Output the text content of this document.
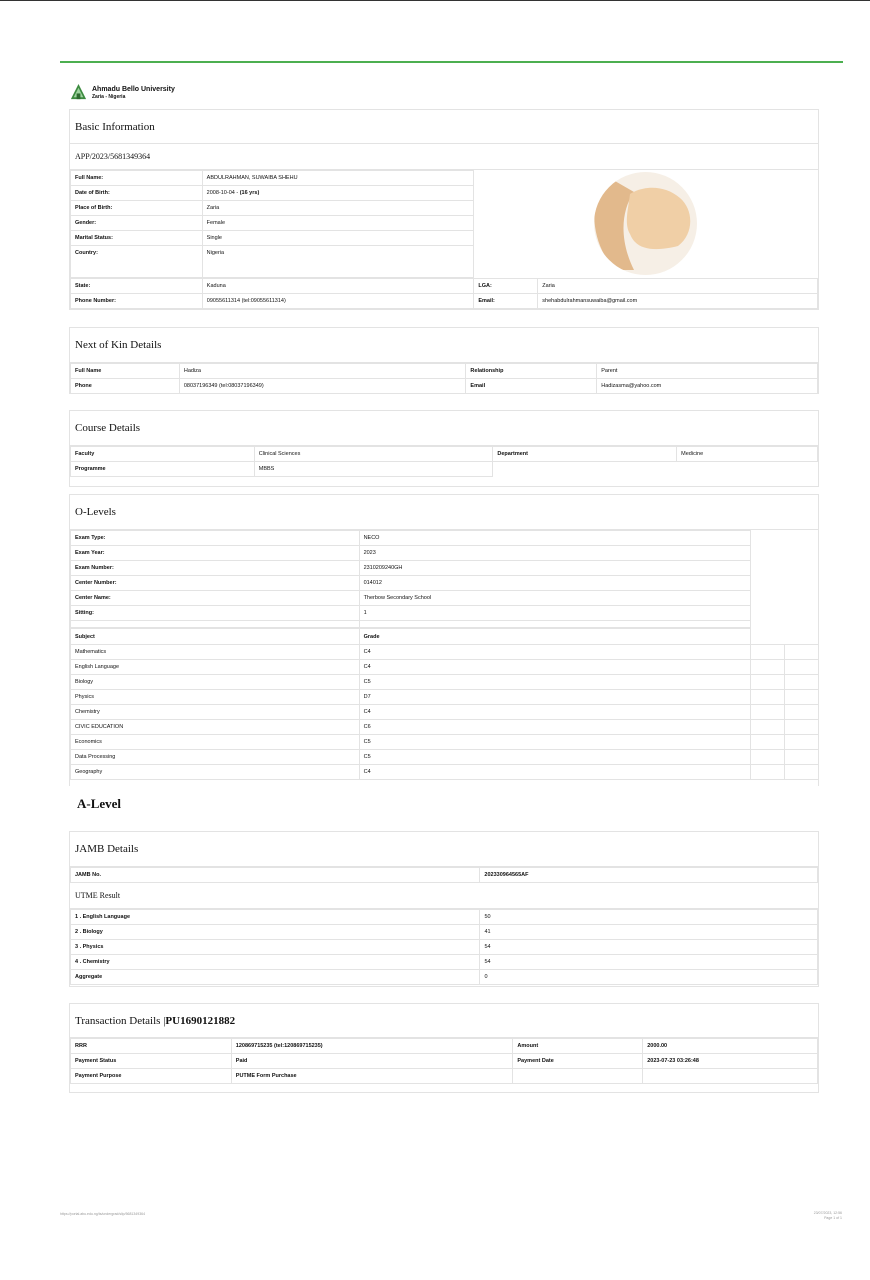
Ahmadu Bello University
Zaria - Nigeria
Basic Information
APP/2023/5681349364
Full Name:	ABDULRAHMAN, SUWAIBA SHEHU
Date of Birth:	2008-10-04 - (16 yrs)
Place of Birth:	Zaria
Gender:	Female
Marital Status:	Single
Country:	Nigeria
State:	Kaduna	LGA:	Zaria
Phone Number:	09055611314 (tel:09055611314)	Email:	shehabdulrahmansuwaiba@gmail.com
Next of Kin Details
Full Name	Hadiza	Relationship	Parent
Phone	08037196349 (tel:08037196349)	Email	Hadizasma@yahoo.com
Course Details
Faculty	Clinical Sciences	Department	Medicine
Programme	MBBS		
O-Levels
Exam Type:	NECO
Exam Year:	2023
Exam Number:	2310209240GH
Center Number:	014012
Center Name:	Therbow Secondary School
Sitting:	1

Subject	Grade		
Mathematics	C4		
English Language	C4		
Biology	C5		
Physics	D7		
Chemistry	C4		
CIVIC EDUCATION	C6		
Economics	C5		
Data Processing	C5		
Geography	C4		
A-Level
JAMB Details
JAMB No.	202330964565AF
UTME Result
1 . English Language	50
2 . Biology	41
3 . Physics	54
4 . Chemistry	54
Aggregate	0
Transaction Details | PU1690121882
RRR	120869715235 (tel:120869715235)	Amount	2000.00
Payment Status	Paid	Payment Date	2023-07-23 03:26:48
Payment Purpose	PUTME Form Purchase		
https://portal.abu.edu.ng/ts/undergrad/slip/5681349364	23/07/2023, 12:56
Page 1 of 1
